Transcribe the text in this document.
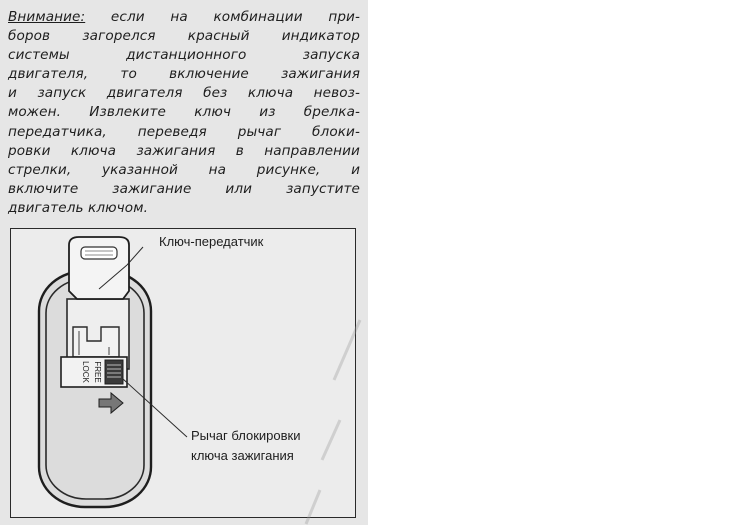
Внимание: если на комбинации при-
боров загорелся красный индикатор
системы дистанционного запуска
двигателя, то включение зажигания
и запуск двигателя без ключа невоз-
можен. Извлеките ключ из брелка-
передатчика, переведя рычаг блоки-
ровки ключа зажигания в направлении
стрелки, указанной на рисунке, и
включите зажигание или запустите
двигатель ключом.
LOCK FREE
Ключ-передатчик
Рычаг блокировки
ключа зажигания
